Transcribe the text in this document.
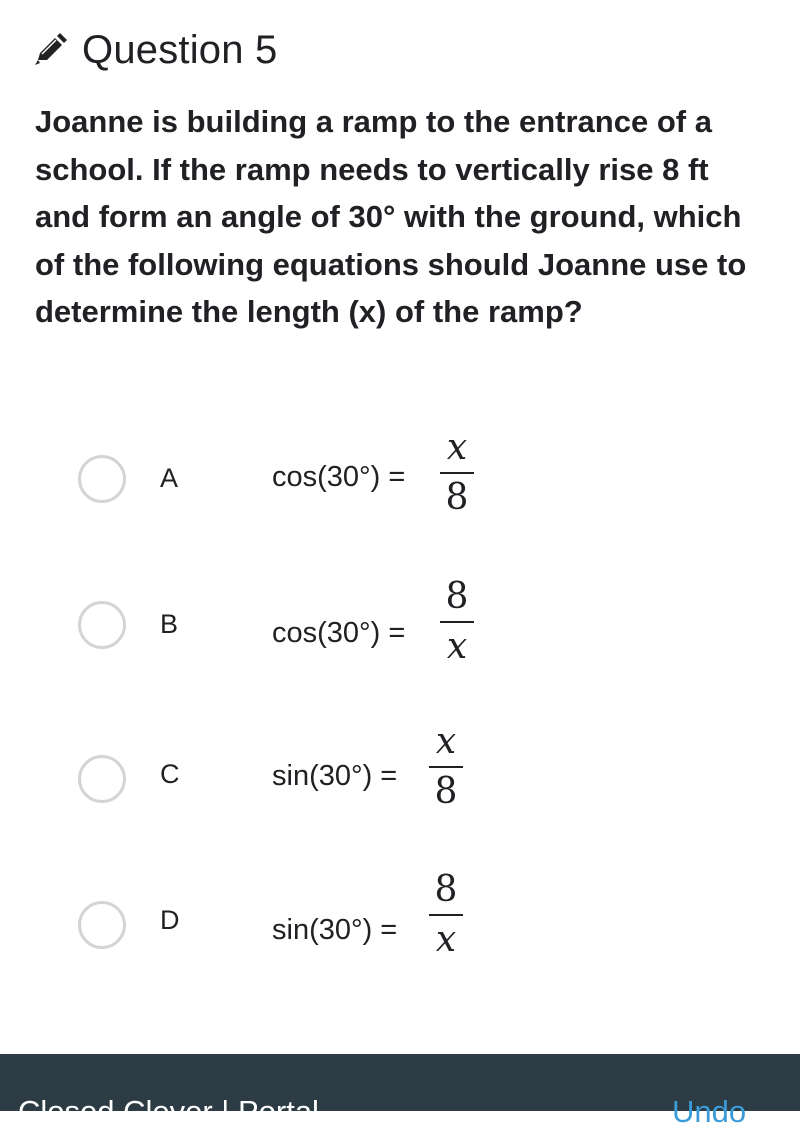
Question 5
Joanne is building a ramp to the entrance of a school. If the ramp needs to vertically rise 8 ft and form an angle of 30° with the ground, which of the following equations should Joanne use to determine the length (x) of the ramp?
A	cos(30°) =
x
8
B	cos(30°) =
8
x
C	sin(30°) =
x
8
D	sin(30°) =
8
x
Closed Clever | Portal	Undo
